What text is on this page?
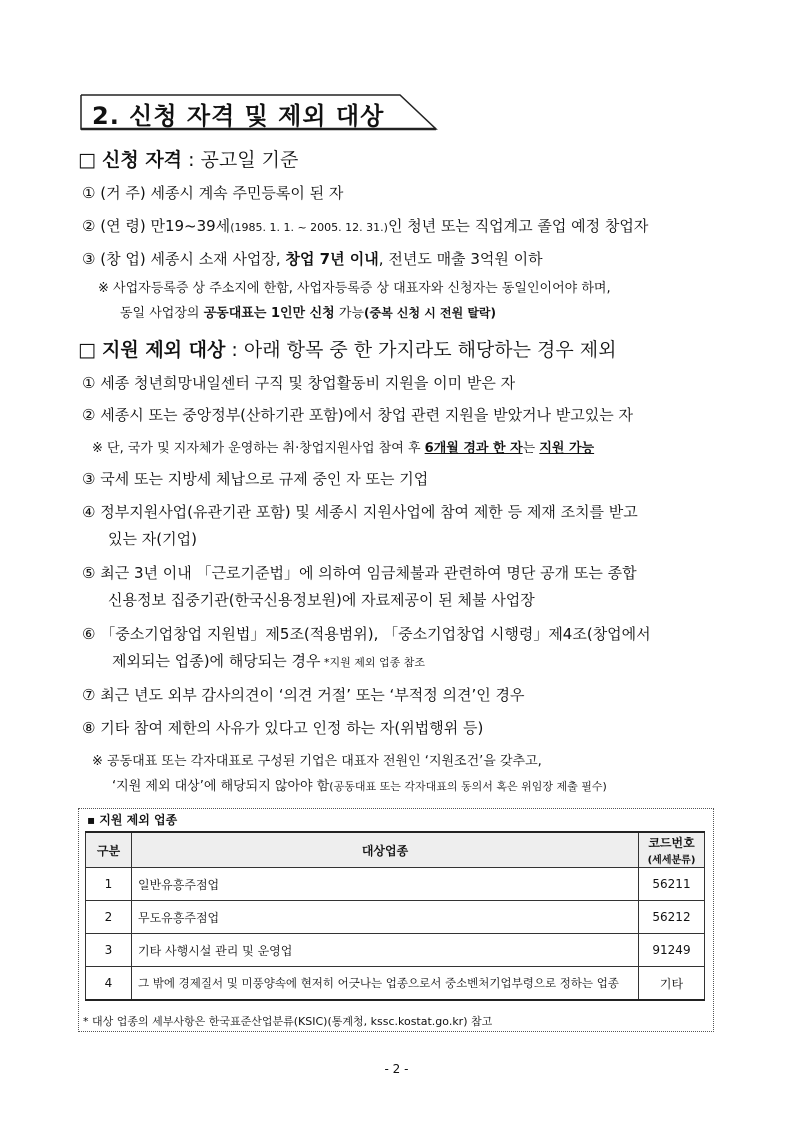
2. 신청 자격 및 제외 대상
□ 신청 자격 : 공고일 기준
① (거 주) 세종시 계속 주민등록이 된 자
② (연 령) 만19~39세(1985. 1. 1. ~ 2005. 12. 31.)인 청년 또는 직업계고 졸업 예정 창업자
③ (창 업) 세종시 소재 사업장, 창업 7년 이내, 전년도 매출 3억원 이하
※ 사업자등록증 상 주소지에 한함, 사업자등록증 상 대표자와 신청자는 동일인이어야 하며,
동일 사업장의 공동대표는 1인만 신청 가능(중복 신청 시 전원 탈락)
□ 지원 제외 대상 : 아래 항목 중 한 가지라도 해당하는 경우 제외
① 세종 청년희망내일센터 구직 및 창업활동비 지원을 이미 받은 자
② 세종시 또는 중앙정부(산하기관 포함)에서 창업 관련 지원을 받았거나 받고있는 자
※ 단, 국가 및 지자체가 운영하는 취·창업지원사업 참여 후 6개월 경과 한 자는 지원 가능
③ 국세 또는 지방세 체납으로 규제 중인 자 또는 기업
④ 정부지원사업(유관기관 포함) 및 세종시 지원사업에 참여 제한 등 제재 조치를 받고
있는 자(기업)
⑤ 최근 3년 이내 「근로기준법」에 의하여 임금체불과 관련하여 명단 공개 또는 종합
신용정보 집중기관(한국신용정보원)에 자료제공이 된 체불 사업장
⑥ 「중소기업창업 지원법」제5조(적용범위), 「중소기업창업 시행령」제4조(창업에서
제외되는 업종)에 해당되는 경우 *지원 제외 업종 참조
⑦ 최근 년도 외부 감사의견이 ‘의견 거절’ 또는 ‘부적정 의견’인 경우
⑧ 기타 참여 제한의 사유가 있다고 인정 하는 자(위법행위 등)
※ 공동대표 또는 각자대표로 구성된 기업은 대표자 전원인 ‘지원조건’을 갖추고,
‘지원 제외 대상’에 해당되지 않아야 함(공동대표 또는 각자대표의 동의서 혹은 위임장 제출 필수)
▪ 지원 제외 업종
구분	대상업종	코드번호
(세세분류)

1	일반유흥주점업	56211
2	무도유흥주점업	56212
3	기타 사행시설 관리 및 운영업	91249
4	그 밖에 경제질서 및 미풍양속에 현저히 어긋나는 업종으로서 중소벤처기업부령으로 정하는 업종	기타
* 대상 업종의 세부사항은 한국표준산업분류(KSIC)(통계청, kssc.kostat.go.kr) 참고
- 2 -
